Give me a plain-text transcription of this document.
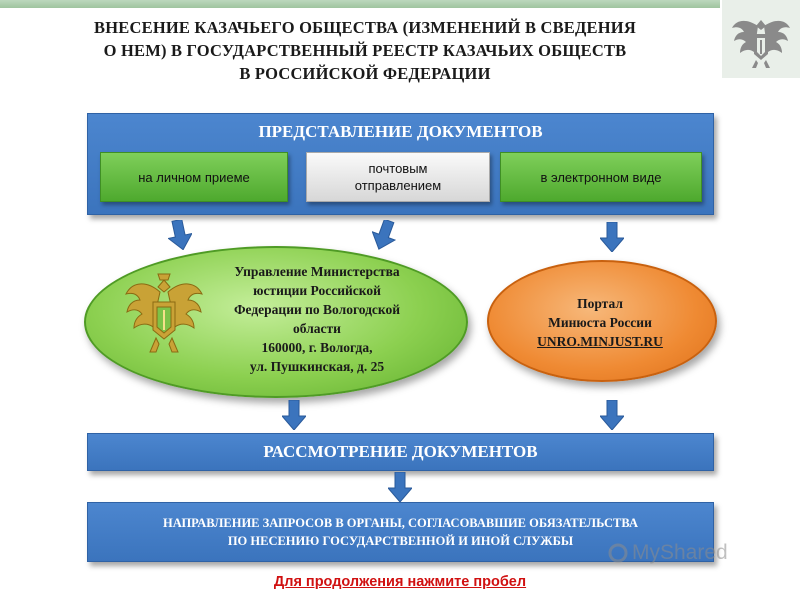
ВНЕСЕНИЕ КАЗАЧЬЕГО ОБЩЕСТВА (ИЗМЕНЕНИЙ В СВЕДЕНИЯ
О НЕМ) В ГОСУДАРСТВЕННЫЙ РЕЕСТР КАЗАЧЬИХ ОБЩЕСТВ
В РОССИЙСКОЙ ФЕДЕРАЦИИ
ПРЕДСТАВЛЕНИЕ ДОКУМЕНТОВ
на личном приеме
почтовым
отправлением
в электронном виде
Управление Министерства
юстиции Российской
Федерации по Вологодской
области
160000, г. Вологда,
ул. Пушкинская, д. 25
Портал
Минюста России
UNRO.MINJUST.RU
РАССМОТРЕНИЕ ДОКУМЕНТОВ
НАПРАВЛЕНИЕ ЗАПРОСОВ В ОРГАНЫ, СОГЛАСОВАВШИЕ ОБЯЗАТЕЛЬСТВА
ПО НЕСЕНИЮ ГОСУДАРСТВЕННОЙ И ИНОЙ СЛУЖБЫ	MyShared
Для продолжения нажмите пробел
